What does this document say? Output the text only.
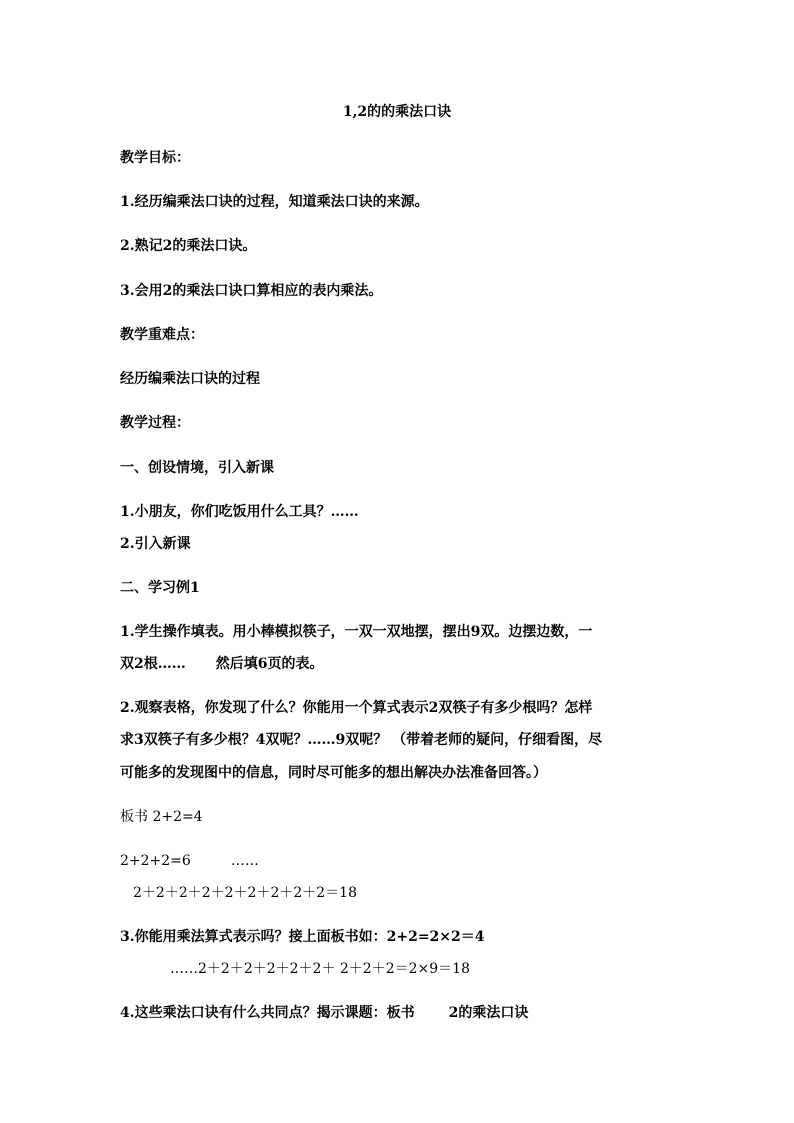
1,2的的乘法口诀
教学目标：
1.经历编乘法口诀的过程，知道乘法口诀的来源。
2.熟记2的乘法口诀。
3.会用2的乘法口诀口算相应的表内乘法。
教学重难点：
经历编乘法口诀的过程
教学过程：
一、创设情境，引入新课
1.小朋友，你们吃饭用什么工具？……
2.引入新课
二、学习例1
1.学生操作填表。用小棒模拟筷子，一双一双地摆，摆出9双。边摆边数，一
双2根…… 然后填6页的表。
2.观察表格，你发现了什么？你能用一个算式表示2双筷子有多少根吗？怎样
求3双筷子有多少根？4双呢？……9双呢？ （带着老师的疑问，仔细看图，尽
可能多的发现图中的信息，同时尽可能多的想出解决办法准备回答。）
板书 2+2=4
2+2+2=6	……
2＋2＋2＋2＋2＋2＋2＋2＋2＝18
3.你能用乘法算式表示吗？接上面板书如：2+2=2×2＝4
……2＋2＋2＋2＋2＋2＋ 2＋2＋2＝2×9＝18
4.这些乘法口诀有什么共同点？揭示课题：板书 2的乘法口诀
